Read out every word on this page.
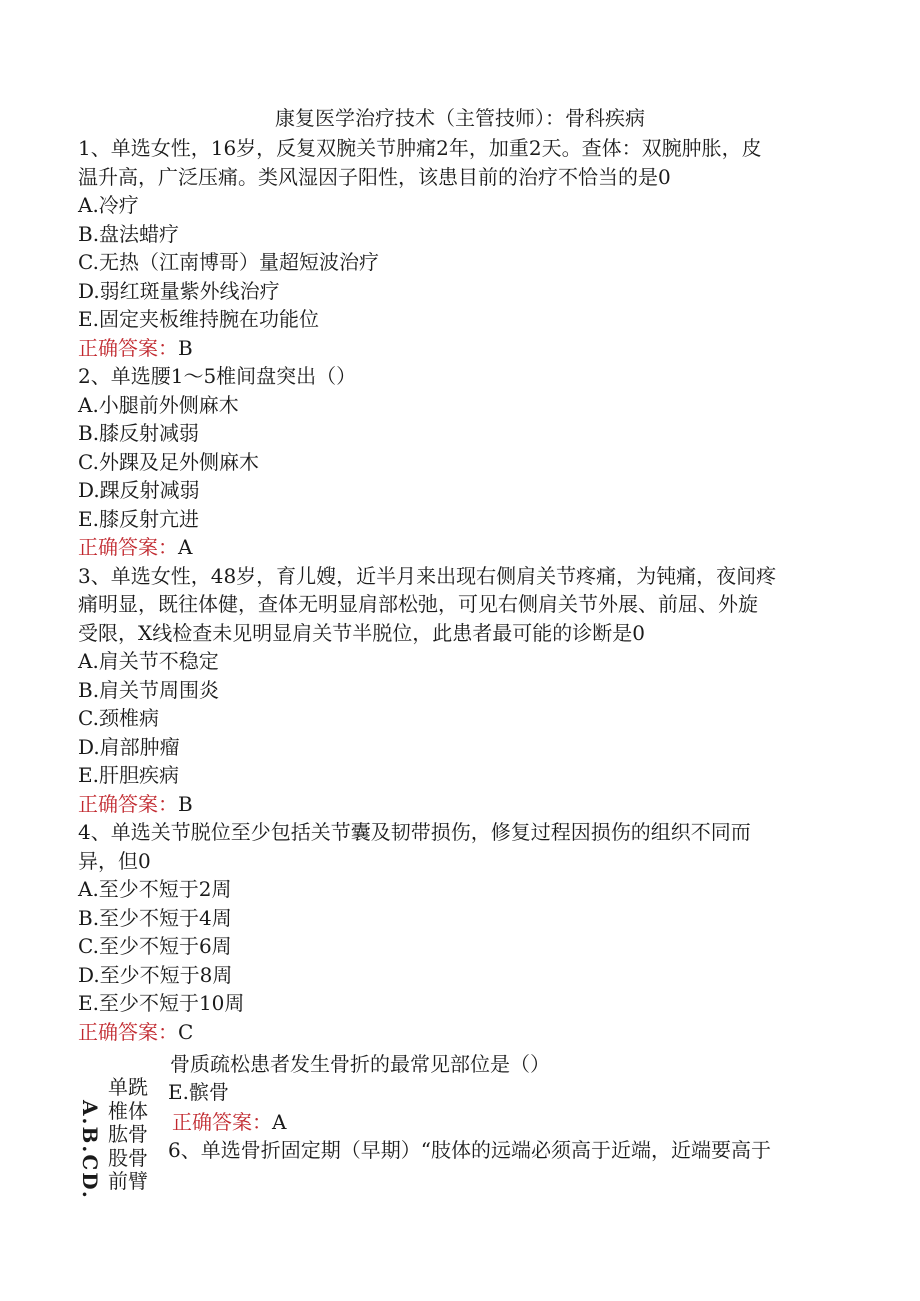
康复医学治疗技术（主管技师）：骨科疾病
1、单选女性，16岁，反复双腕关节肿痛2年，加重2天。查体：双腕肿胀，皮
温升高，广泛压痛。类风湿因子阳性，该患目前的治疗不恰当的是0
A.冷疗
B.盘法蜡疗
C.无热（江南博哥）量超短波治疗
D.弱红斑量紫外线治疗
E.固定夹板维持腕在功能位
正确答案：B
2、单选腰1～5椎间盘突出（）
A.小腿前外侧麻木
B.膝反射减弱
C.外踝及足外侧麻木
D.踝反射减弱
E.膝反射亢进
正确答案：A
3、单选女性，48岁，育儿嫂，近半月来出现右侧肩关节疼痛，为钝痛，夜间疼
痛明显，既往体健，查体无明显肩部松弛，可见右侧肩关节外展、前屈、外旋
受限，X线检查未见明显肩关节半脱位，此患者最可能的诊断是0
A.肩关节不稳定
B.肩关节周围炎
C.颈椎病
D.肩部肿瘤
E.肝胆疾病
正确答案：B
4、单选关节脱位至少包括关节囊及韧带损伤，修复过程因损伤的组织不同而
异，但0
A.至少不短于2周
B.至少不短于4周
C.至少不短于6周
D.至少不短于8周
E.至少不短于10周
正确答案：C
骨质疏松患者发生骨折的最常见部位是（）
单跣
椎体
肱骨
股骨
前臂
A.B.CD.
E.髌骨
正确答案：A
6、单选骨折固定期（早期）“肢体的远端必须高于近端，近端要高于
